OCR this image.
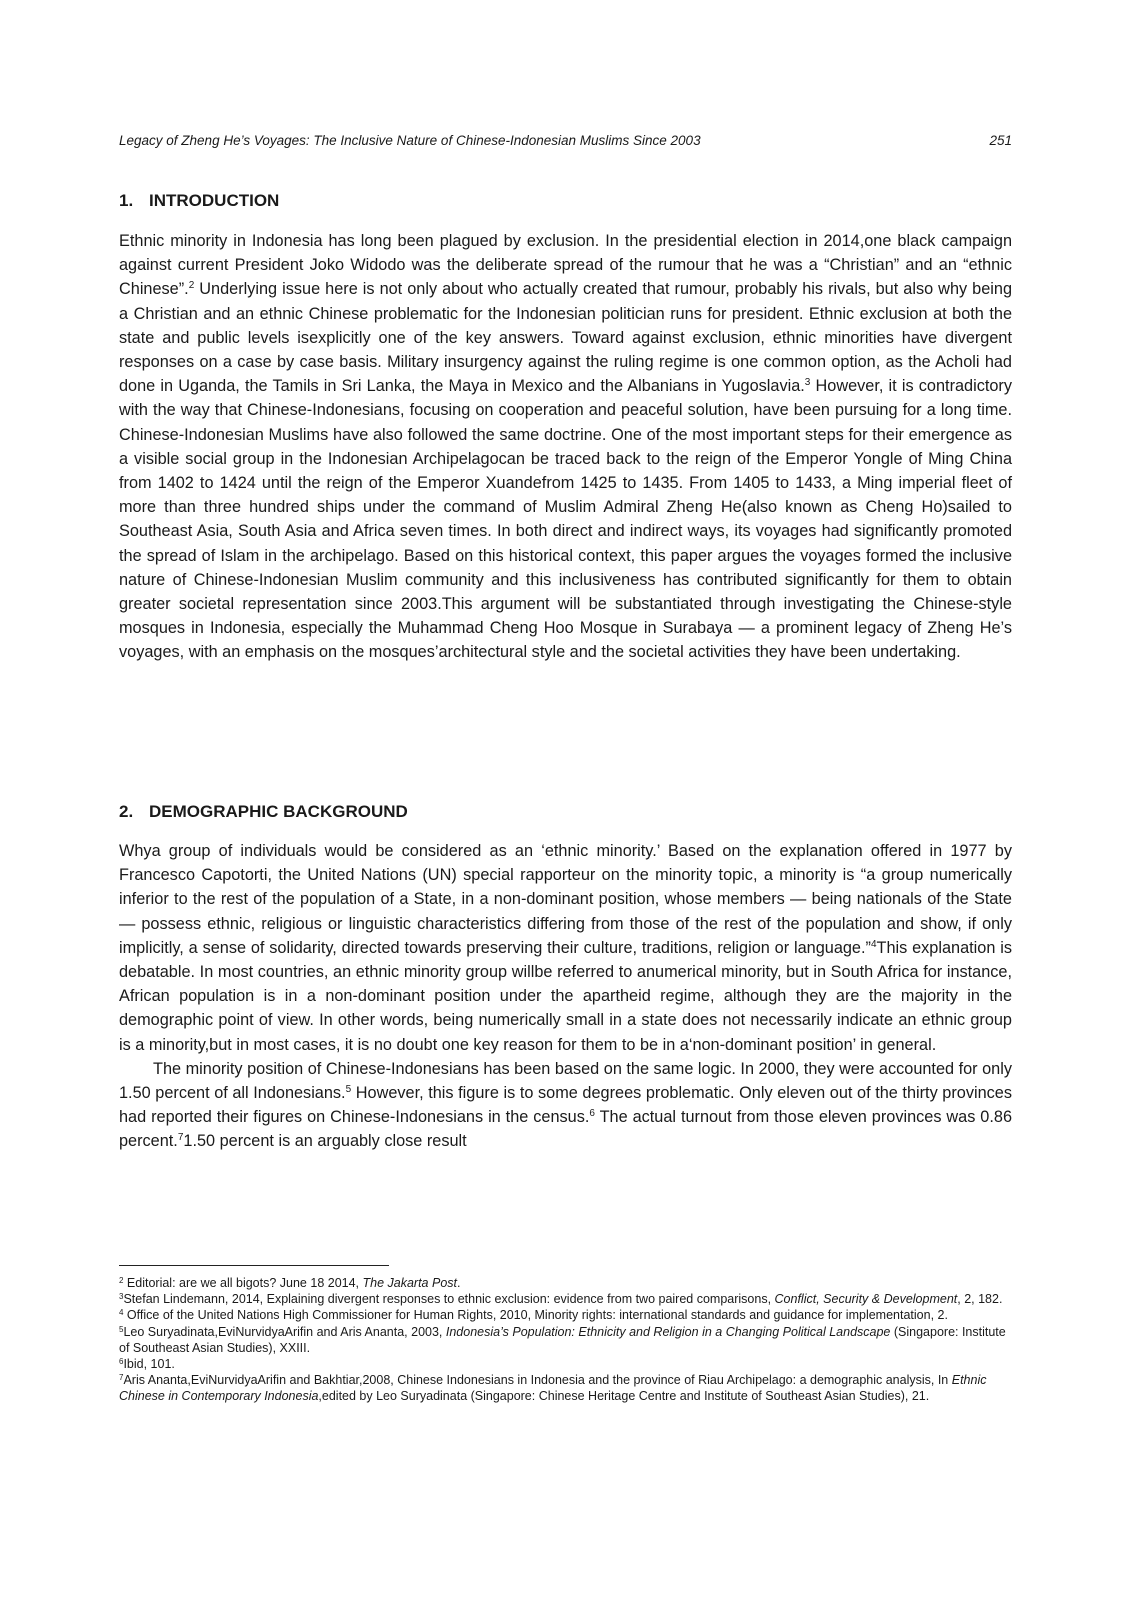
Legacy of Zheng He’s Voyages: The Inclusive Nature of Chinese-Indonesian Muslims Since 2003	251
1. INTRODUCTION

Ethnic minority in Indonesia has long been plagued by exclusion. In the presidential election in 2014,one black campaign against current President Joko Widodo was the deliberate spread of the rumour that he was a “Christian” and an “ethnic Chinese”.$^2$ Underlying issue here is not only about who actually created that rumour, probably his rivals, but also why being a Christian and an ethnic Chinese problematic for the Indonesian politician runs for president. Ethnic exclusion at both the state and public levels isexplicitly one of the key answers. Toward against exclusion, ethnic minorities have divergent responses on a case by case basis. Military insurgency against the ruling regime is one common option, as the Acholi had done in Uganda, the Tamils in Sri Lanka, the Maya in Mexico and the Albanians in Yugoslavia.$^3$ However, it is contradictory with the way that Chinese-Indonesians, focusing on cooperation and peaceful solution, have been pursuing for a long time. Chinese-Indonesian Muslims have also followed the same doctrine. One of the most important steps for their emergence as a visible social group in the Indonesian Archipelagocan be traced back to the reign of the Emperor Yongle of Ming China from 1402 to 1424 until the reign of the Emperor Xuandefrom 1425 to 1435. From 1405 to 1433, a Ming imperial fleet of more than three hundred ships under the command of Muslim Admiral Zheng He(also known as Cheng Ho)sailed to Southeast Asia, South Asia and Africa seven times. In both direct and indirect ways, its voyages had significantly promoted the spread of Islam in the archipelago. Based on this historical context, this paper argues the voyages formed the inclusive nature of Chinese-Indonesian Muslim community and this inclusiveness has contributed significantly for them to obtain greater societal representation since 2003.This argument will be substantiated through investigating the Chinese-style mosques in Indonesia, especially the Muhammad Cheng Hoo Mosque in Surabaya — a prominent legacy of Zheng He’s voyages, with an emphasis on the mosques’architectural style and the societal activities they have been undertaking.

2. DEMOGRAPHIC BACKGROUND

Whya group of individuals would be considered as an ‘ethnic minority.’ Based on the explanation offered in 1977 by Francesco Capotorti, the United Nations (UN) special rapporteur on the minority topic, a minority is “a group numerically inferior to the rest of the population of a State, in a non-dominant position, whose members — being nationals of the State — possess ethnic, religious or linguistic characteristics differing from those of the rest of the population and show, if only implicitly, a sense of solidarity, directed towards preserving their culture, traditions, religion or language.”$^4$This explanation is debatable. In most countries, an ethnic minority group willbe referred to anumerical minority, but in South Africa for instance, African population is in a non-dominant position under the apartheid regime, although they are the majority in the demographic point of view. In other words, being numerically small in a state does not necessarily indicate an ethnic group is a minority,but in most cases, it is no doubt one key reason for them to be in a‘non-dominant position’ in general.

The minority position of Chinese-Indonesians has been based on the same logic. In 2000, they were accounted for only 1.50 percent of all Indonesians.$^5$ However, this figure is to some degrees problematic. Only eleven out of the thirty provinces had reported their figures on Chinese-Indonesians in the census.$^6$ The actual turnout from those eleven provinces was 0.86 percent.$^7$1.50 percent is an arguably close result

$^2$ Editorial: are we all bigots? June 18 2014, The Jakarta Post.

$^3$Stefan Lindemann, 2014, Explaining divergent responses to ethnic exclusion: evidence from two paired comparisons, Conflict, Security & Development, 2, 182.

$^4$ Office of the United Nations High Commissioner for Human Rights, 2010, Minority rights: international standards and guidance for implementation, 2.

$^5$Leo Suryadinata,EviNurvidyaArifin and Aris Ananta, 2003, Indonesia’s Population: Ethnicity and Religion in a Changing Political Landscape (Singapore: Institute of Southeast Asian Studies), XXIII.

$^6$Ibid, 101.

$^7$Aris Ananta,EviNurvidyaArifin and Bakhtiar,2008, Chinese Indonesians in Indonesia and the province of Riau Archipelago: a demographic analysis, In Ethnic Chinese in Contemporary Indonesia,edited by Leo Suryadinata (Singapore: Chinese Heritage Centre and Institute of Southeast Asian Studies), 21.
